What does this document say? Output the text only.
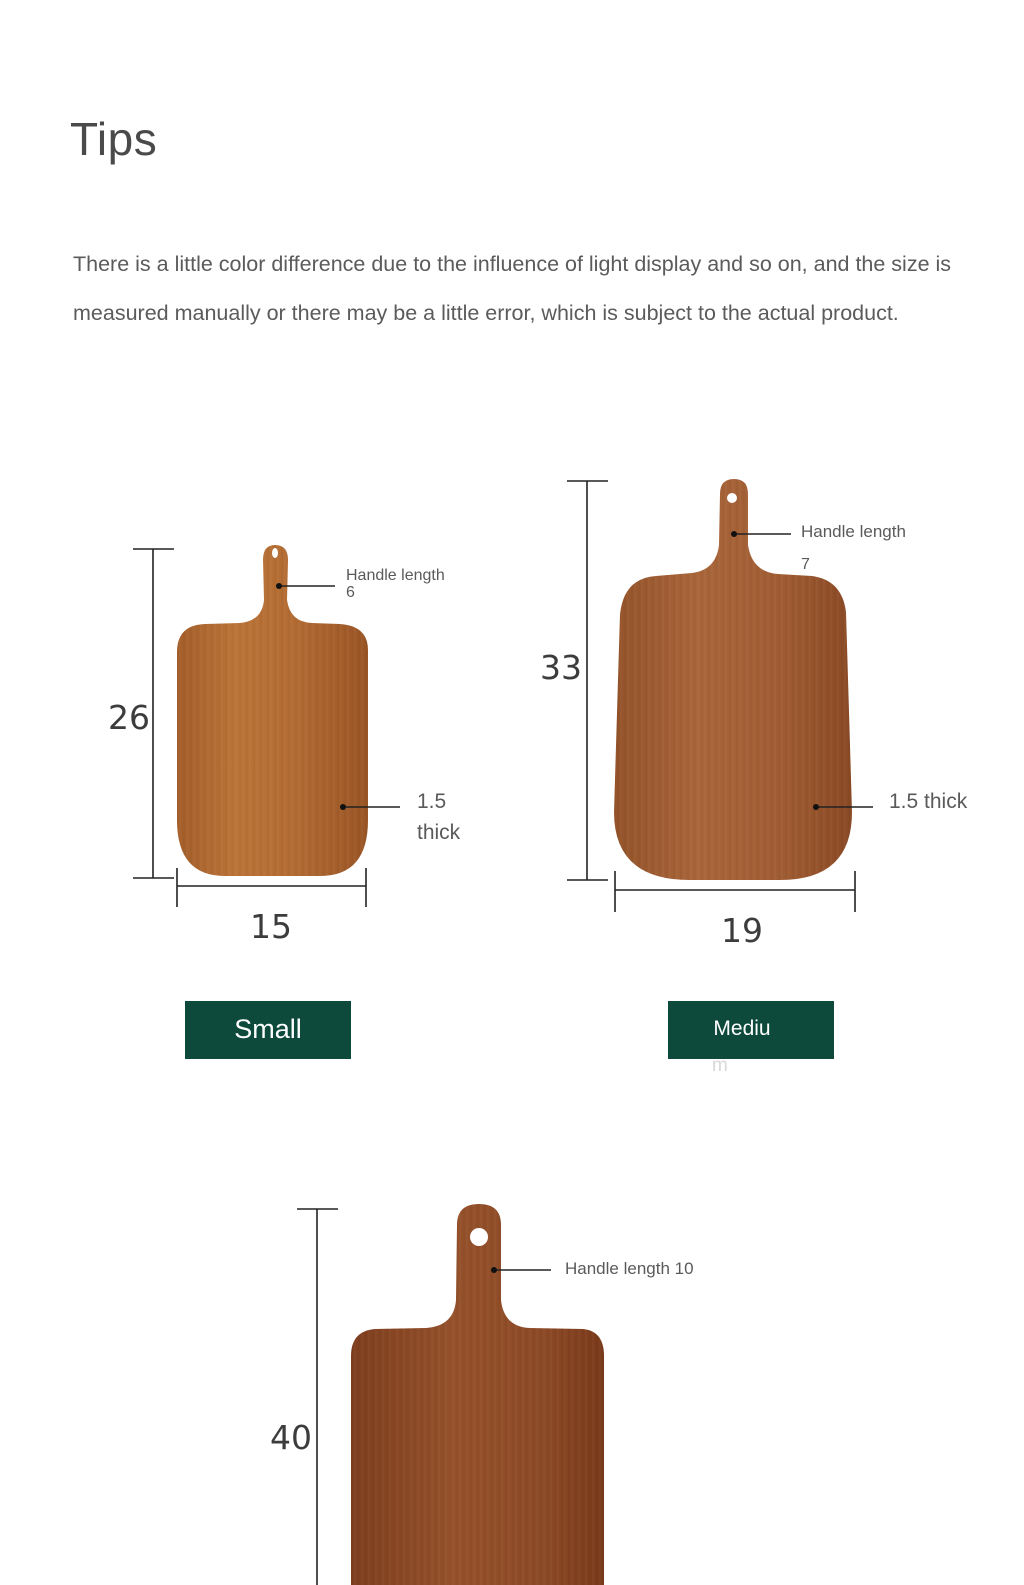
Tips
There is a little color difference due to the influence of light display and so on, and the size is measured manually or there may be a little error, which is subject to the actual product.
26
15
Handle length
6
1.5
thick
Small
33
19
Handle length
7
1.5 thick
Mediu
m
40
Handle length 10
